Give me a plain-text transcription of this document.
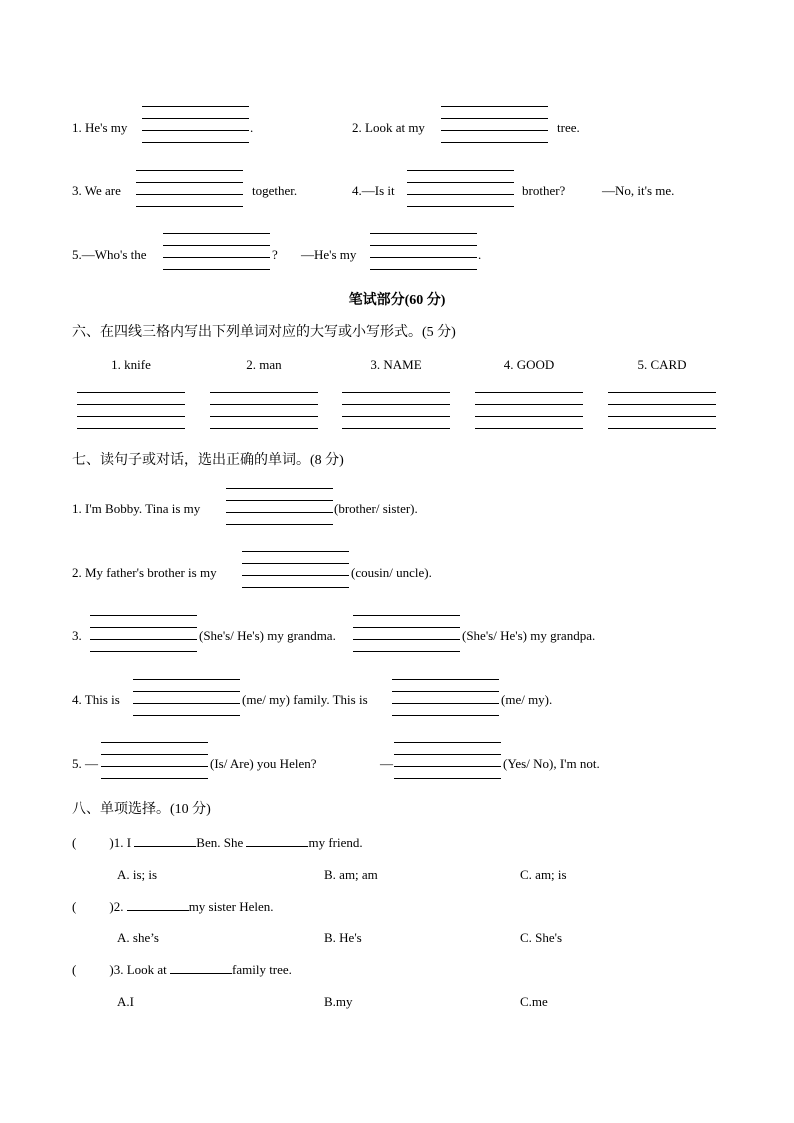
1. He's my	.	2. Look at my	tree.
3. We are	together.	4.—Is it	brother?	—No, it's me.
5.—Who's the	? —He's my	.
笔试部分(60 分)
六、在四线三格内写出下列单词对应的大写或小写形式。(5 分)
1. knife	2. man	3. NAME	4. GOOD	5. CARD
七、读句子或对话，选出正确的单词。(8 分)
1. I'm Bobby. Tina is my	(brother/ sister).
2. My father's brother is my	(cousin/ uncle).
3.	(She's/ He's) my grandma.	(She's/ He's) my grandpa.
4. This is	(me/ my) family. This is	(me/ my).
5. —	(Is/ Are) you Helen?	—	(Yes/ No), I'm not.
八、单项选择。(10 分)
(	)1. I	Ben. She	my friend.
A. is; is	B. am; am	C. am; is
(	)2.	my sister Helen.
A. she’s	B. He's	C. She's
(	)3. Look at	family tree.
A.I	B.my	C.me
